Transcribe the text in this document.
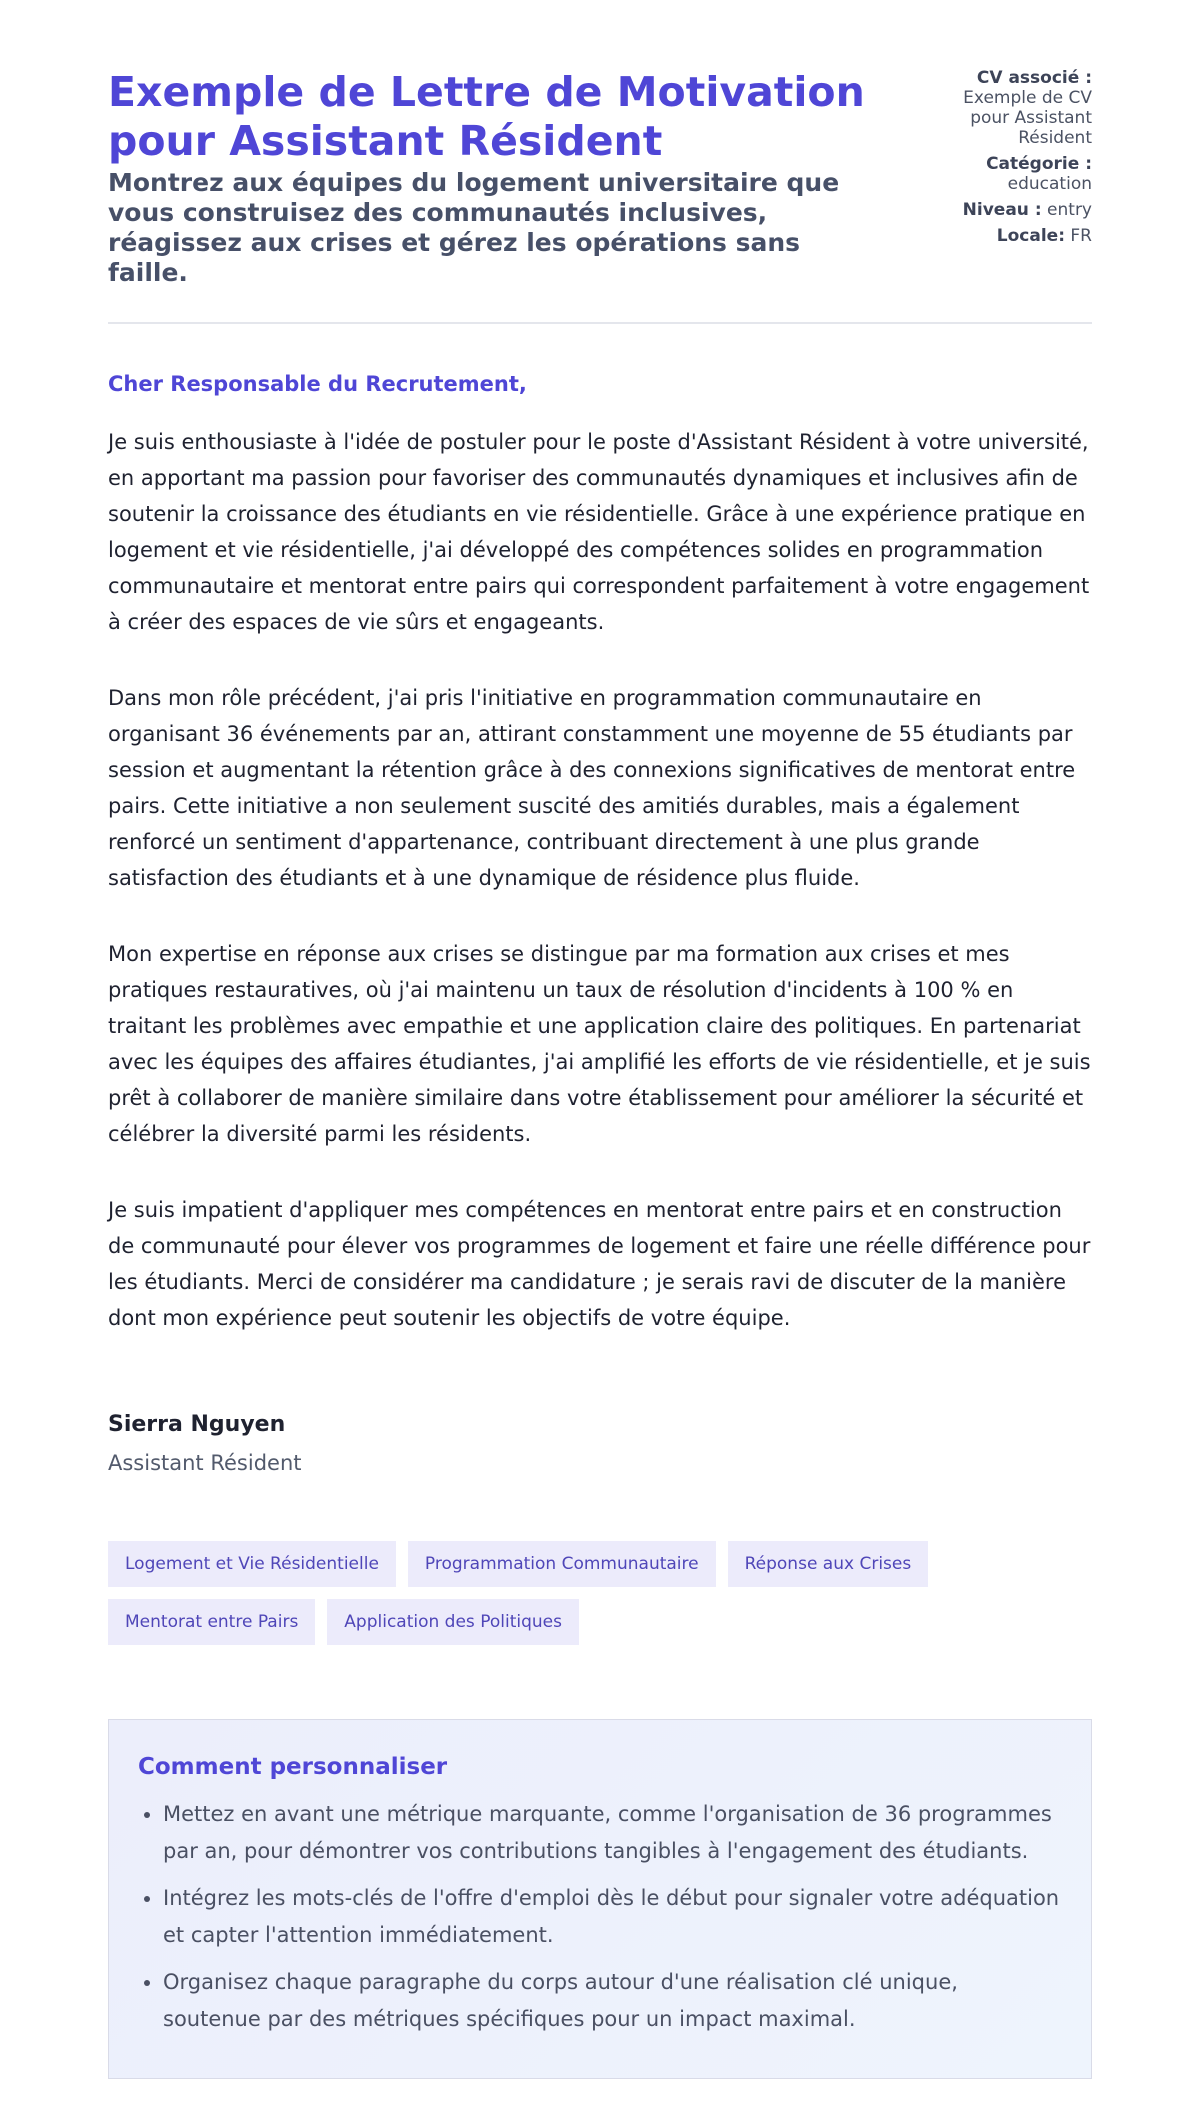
Exemple de Lettre de Motivation pour Assistant Résident

Montrez aux équipes du logement universitaire que vous construisez des communautés inclusives, réagissez aux crises et gérez les opérations sans faille.

CV associé :
Exemple de CV pour Assistant Résident
Catégorie :
education
Niveau : entry
Locale: FR

Cher Responsable du Recrutement,

Je suis enthousiaste à l'idée de postuler pour le poste d'Assistant Résident à votre université, en apportant ma passion pour favoriser des communautés dynamiques et inclusives afin de soutenir la croissance des étudiants en vie résidentielle. Grâce à une expérience pratique en logement et vie résidentielle, j'ai développé des compétences solides en programmation communautaire et mentorat entre pairs qui correspondent parfaitement à votre engagement à créer des espaces de vie sûrs et engageants.

Dans mon rôle précédent, j'ai pris l'initiative en programmation communautaire en organisant 36 événements par an, attirant constamment une moyenne de 55 étudiants par session et augmentant la rétention grâce à des connexions significatives de mentorat entre pairs. Cette initiative a non seulement suscité des amitiés durables, mais a également renforcé un sentiment d'appartenance, contribuant directement à une plus grande satisfaction des étudiants et à une dynamique de résidence plus fluide.

Mon expertise en réponse aux crises se distingue par ma formation aux crises et mes pratiques restauratives, où j'ai maintenu un taux de résolution d'incidents à 100 % en traitant les problèmes avec empathie et une application claire des politiques. En partenariat avec les équipes des affaires étudiantes, j'ai amplifié les efforts de vie résidentielle, et je suis prêt à collaborer de manière similaire dans votre établissement pour améliorer la sécurité et célébrer la diversité parmi les résidents.

Je suis impatient d'appliquer mes compétences en mentorat entre pairs et en construction de communauté pour élever vos programmes de logement et faire une réelle différence pour les étudiants. Merci de considérer ma candidature ; je serais ravi de discuter de la manière dont mon expérience peut soutenir les objectifs de votre équipe.

Sierra Nguyen
Assistant Résident
Logement et Vie Résidentielle	Programmation Communautaire	Réponse aux Crises
Mentorat entre Pairs	Application des Politiques
Comment personnaliser
• Mettez en avant une métrique marquante, comme l'organisation de 36 programmes par an, pour démontrer vos contributions tangibles à l'engagement des étudiants.
• Intégrez les mots-clés de l'offre d'emploi dès le début pour signaler votre adéquation et capter l'attention immédiatement.
• Organisez chaque paragraphe du corps autour d'une réalisation clé unique, soutenue par des métriques spécifiques pour un impact maximal.
